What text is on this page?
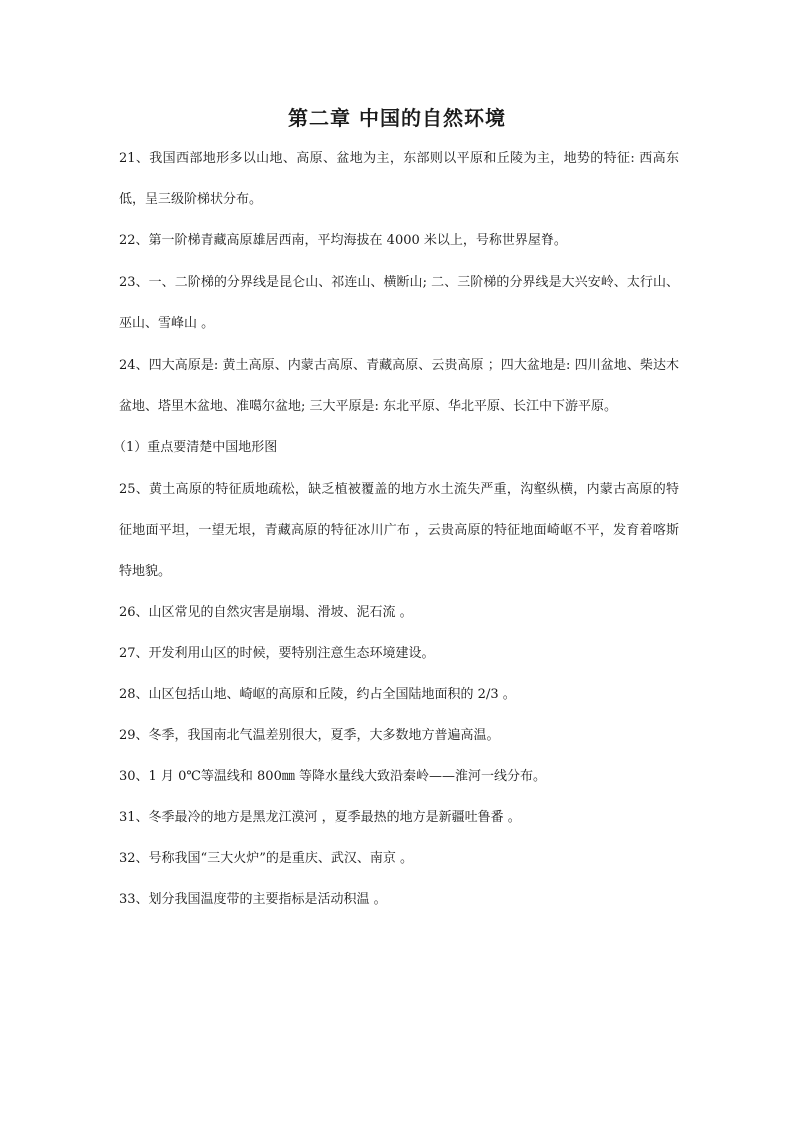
第二章 中国的自然环境

21、我国西部地形多以山地、高原、盆地为主，东部则以平原和丘陵为主，地势的特征: 西高东低，呈三级阶梯状分布。

22、第一阶梯青藏高原雄居西南，平均海拔在 4000 米以上，号称世界屋脊。

23、一、二阶梯的分界线是昆仑山、祁连山、横断山; 二、三阶梯的分界线是大兴安岭、太行山、巫山、雪峰山 。

24、四大高原是: 黄土高原、内蒙古高原、青藏高原、云贵高原 ；四大盆地是: 四川盆地、柴达木盆地、塔里木盆地、准噶尔盆地; 三大平原是: 东北平原、华北平原、长江中下游平原。

（1）重点要清楚中国地形图

25、黄土高原的特征质地疏松，缺乏植被覆盖的地方水土流失严重，沟壑纵横，内蒙古高原的特征地面平坦，一望无垠，青藏高原的特征冰川广布 ，云贵高原的特征地面崎岖不平，发育着喀斯特地貌。

26、山区常见的自然灾害是崩塌、滑坡、泥石流 。

27、开发利用山区的时候，要特别注意生态环境建设。

28、山区包括山地、崎岖的高原和丘陵，约占全国陆地面积的 2/3 。

29、冬季，我国南北气温差别很大，夏季，大多数地方普遍高温。

30、1 月 0℃等温线和 800㎜ 等降水量线大致沿秦岭——淮河一线分布。

31、冬季最冷的地方是黑龙江漠河 ，夏季最热的地方是新疆吐鲁番 。

32、号称我国“三大火炉”的是重庆、武汉、南京 。

33、划分我国温度带的主要指标是活动积温 。
